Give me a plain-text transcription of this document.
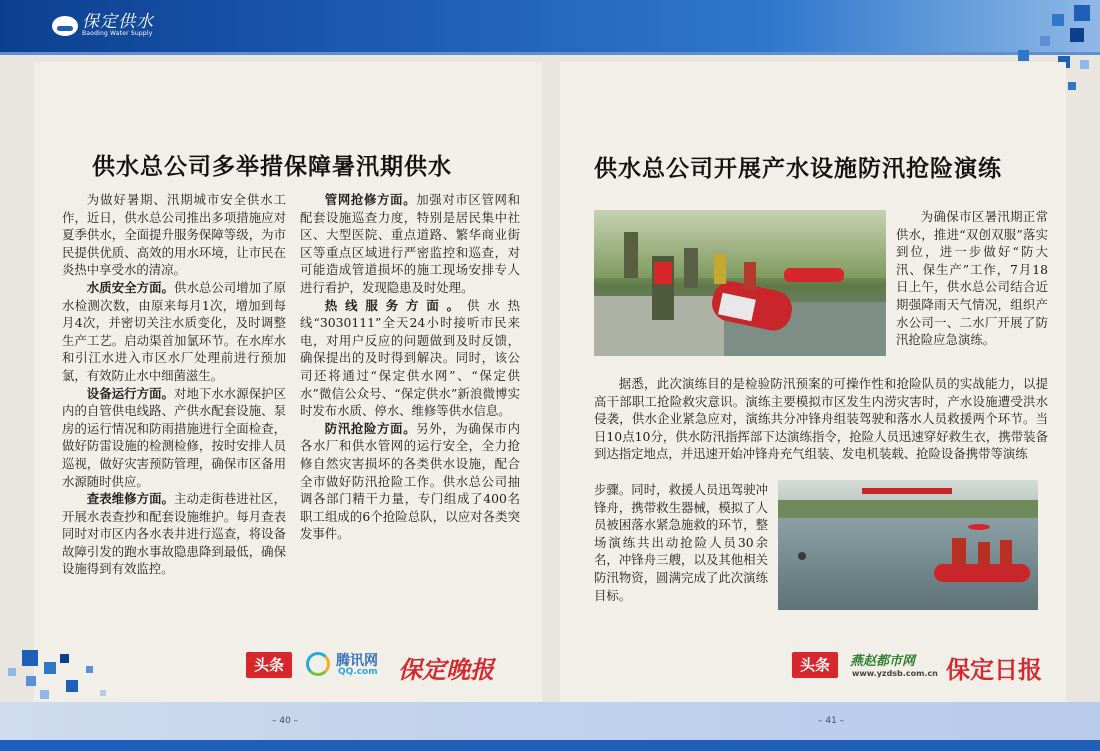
保定供水
Baoding Water Supply
供水总公司多举措保障暑汛期供水

为做好暑期、汛期城市安全供水工作，近日，供水总公司推出多项措施应对夏季供水，全面提升服务保障等级，为市民提供优质、高效的用水环境，让市民在炎热中享受水的清凉。

水质安全方面。供水总公司增加了原水检测次数，由原来每月1次，增加到每月4次，并密切关注水质变化，及时调整生产工艺。启动渠首加氯环节。在水库水和引江水进入市区水厂处理前进行预加氯，有效防止水中细菌滋生。

设备运行方面。对地下水水源保护区内的自管供电线路、产供水配套设施、泵房的运行情况和防雨措施进行全面检查，做好防雷设施的检测检修，按时安排人员巡视，做好灾害预防管理，确保市区备用水源随时供应。

查表维修方面。主动走街巷进社区，开展水表查抄和配套设施维护。每月查表同时对市区内各水表井进行巡查，将设备故障引发的跑水事故隐患降到最低，确保设施得到有效监控。

管网抢修方面。加强对市区管网和配套设施巡查力度，特别是居民集中社区、大型医院、重点道路、繁华商业街区等重点区域进行严密监控和巡查，对可能造成管道损坏的施工现场安排专人进行看护，发现隐患及时处理。

热线服务方面。供水热线“3030111”全天24小时接听市民来电，对用户反应的问题做到及时反馈，确保提出的及时得到解决。同时，该公司还将通过“保定供水网”、“保定供水”微信公众号、“保定供水”新浪微博实时发布水质、停水、维修等供水信息。

防汛抢险方面。另外，为确保市内各水厂和供水管网的运行安全，全力抢修自然灾害损坏的各类供水设施，配合全市做好防汛抢险工作。供水总公司抽调各部门精干力量，专门组成了400名职工组成的6个抢险总队，以应对各类突发事件。

头条	腾讯网
QQ.com 保定晚报
供水总公司开展产水设施防汛抢险演练

为确保市区暑汛期正常供水，推进“双创双服”落实到位，进一步做好“防大汛、保生产”工作，7月18日上午，供水总公司结合近期强降雨天气情况，组织产水公司一、二水厂开展了防汛抢险应急演练。

据悉，此次演练目的是检验防汛预案的可操作性和抢险队员的实战能力，以提高干部职工抢险救灾意识。演练主要模拟市区发生内涝灾害时，产水设施遭受洪水侵袭，供水企业紧急应对，演练共分冲锋舟组装驾驶和落水人员救援两个环节。当日10点10分，供水防汛指挥部下达演练指令，抢险人员迅速穿好救生衣，携带装备到达指定地点，并迅速开始冲锋舟充气组装、发电机装载、抢险设备携带等演练

步骤。同时，救援人员迅驾驶冲锋舟，携带救生器械，模拟了人员被困落水紧急施救的环节，整场演练共出动抢险人员30余名，冲锋舟三艘，以及其他相关防汛物资，圆满完成了此次演练目标。

头条	燕赵都市网
www.yzdsb.com.cn 保定日报
– 40 –	– 41 –
